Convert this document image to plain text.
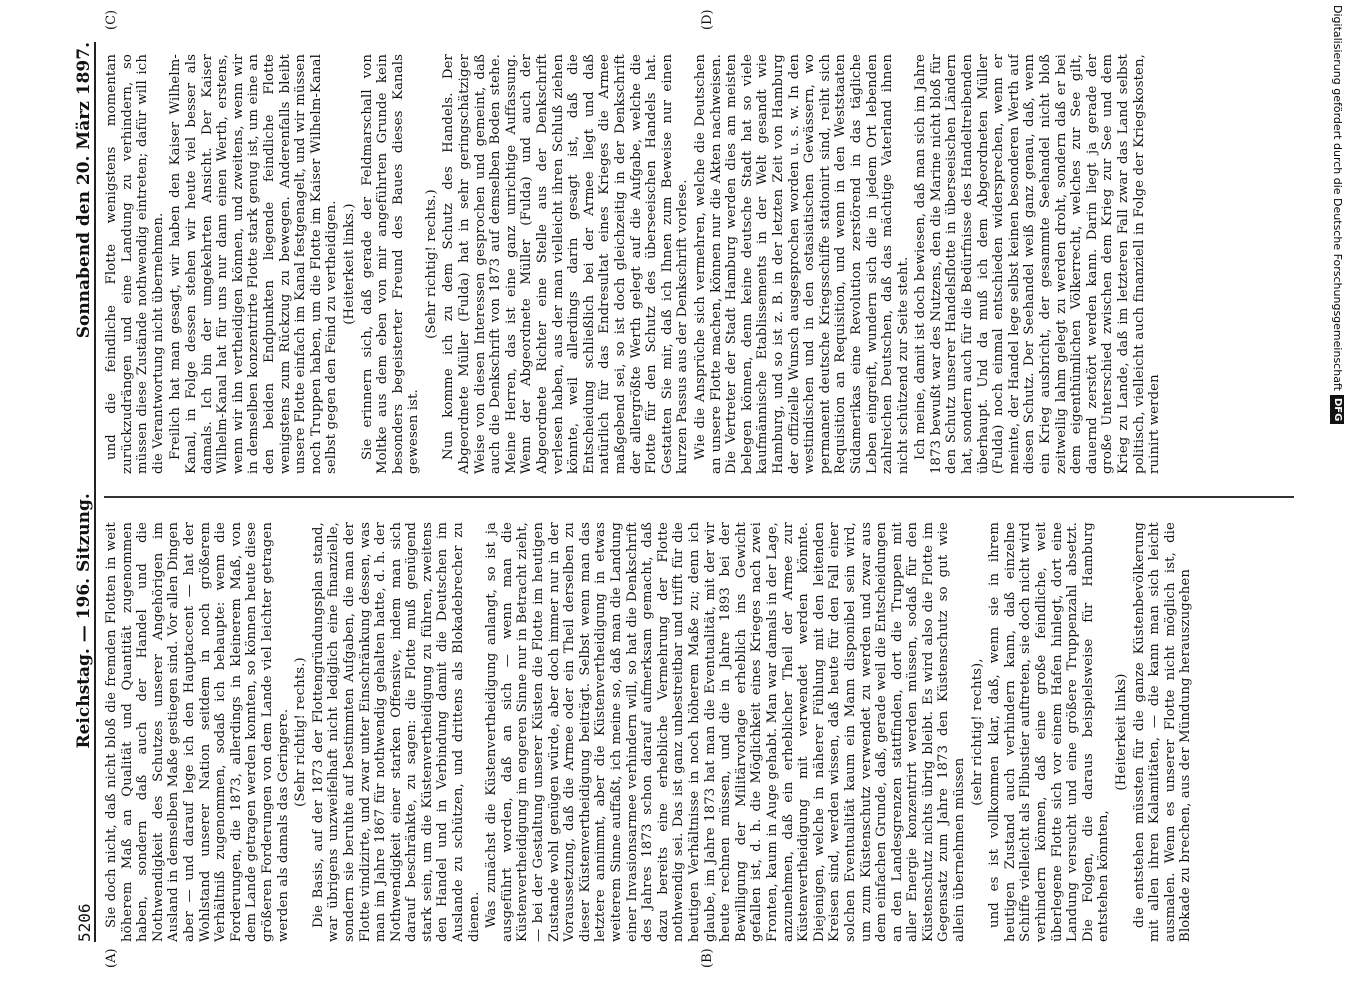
5206
Reichstag. — 196. Sitzung.
Sonnabend den 20. März 1897.

Sie doch nicht, daß nicht bloß die fremden Flotten in weit höherem Maß an Qualität und Quantität zugenommen haben, sondern daß auch der Handel und die Nothwendigkeit des Schutzes unserer Angehörigen im Ausland in demselben Maße gestiegen sind. Vor allen Dingen aber — und darauf lege ich den Hauptaccent — hat der Wohlstand unserer Nation seitdem in noch größerem Verhältniß zugenommen, sodaß ich behaupte: wenn die Forderungen, die 1873, allerdings in kleinerem Maß, von dem Lande getragen werden konnten, so können heute diese größeren Forderungen von dem Lande viel leichter getragen werden als damals das Geringere. (Sehr richtig! rechts.) Die Basis, auf der 1873 der Flottengründungsplan stand, war übrigens unzweifelhaft nicht lediglich eine finanzielle, sondern sie beruhte auf bestimmten Aufgaben, die man der Flotte vindizirte, und zwar unter Einschränkung dessen, was man im Jahre 1867 für nothwendig gehalten hatte, d. h. der Nothwendigkeit einer starken Offensive, indem man sich darauf beschränkte, zu sagen: die Flotte muß genügend stark sein, um die Küstenvertheidigung zu führen, zweitens den Handel und in Verbindung damit die Deutschen im Auslande zu schützen, und drittens als Blokadebrecher zu dienen. Was zunächst die Küstenvertheidigung anlangt, so ist ja ausgeführt worden, daß an sich — wenn man die Küstenvertheidigung im engeren Sinne nur in Betracht zieht, — bei der Gestaltung unserer Küsten die Flotte im heutigen Zustande wohl genügen würde, aber doch immer nur in der Voraussetzung, daß die Armee oder ein Theil derselben zu dieser Küstenvertheidigung beiträgt. Selbst wenn man das letztere annimmt, aber die Küstenvertheidigung in etwas weiterem Sinne auffaßt, ich meine so, daß man die Landung einer Invasionsarmee verhindern will, so hat die Denkschrift des Jahres 1873 schon darauf aufmerksam gemacht, daß dazu bereits eine erhebliche Vermehrung der Flotte nothwendig sei. Das ist ganz unbestreitbar und trifft für die heutigen Verhältnisse in noch höherem Maße zu; denn ich glaube, im Jahre 1873 hat man die Eventualität, mit der wir heute rechnen müssen, und die in Jahre 1893 bei der Bewilligung der Militärvorlage erheblich ins Gewicht gefallen ist, d. h. die Möglichkeit eines Krieges nach zwei Fronten, kaum in Auge gehabt. Man war damals in der Lage, anzunehmen, daß ein erheblicher Theil der Armee zur Küstenvertheidigung mit verwendet werden könnte. Diejenigen, welche in näherer Fühlung mit den leitenden Kreisen sind, werden wissen, daß heute für den Fall einer solchen Eventualität kaum ein Mann disponibel sein wird, um zum Küstenschutz verwendet zu werden und zwar aus dem einfachen Grunde, daß, gerade weil die Entscheidungen an den Landesgrenzen stattfinden, dort die Truppen mit aller Energie konzentrirt werden müssen, sodaß für den Küstenschutz nichts übrig bleibt. Es wird also die Flotte im Gegensatz zum Jahre 1873 den Küstenschutz so gut wie allein übernehmen müssen

(sehr richtig! rechts), und es ist vollkommen klar, daß, wenn sie in ihrem heutigen Zustand auch verhindern kann, daß einzelne Schiffe vielleicht als Flibustier auftreten, sie doch nicht wird verhindern können, daß eine große feindliche, weit überlegene Flotte sich vor einem Hafen hinlegt, dort eine Landung versucht und eine größere Truppenzahl absetzt. Die Folgen, die daraus beispielsweise für Hamburg entstehen könnten,

(Heiterkeit links) die entstehen müssten für die ganze Küstenbevölkerung mit allen ihren Kalamitäten, — die kann man sich leicht ausmalen. Wenn es unserer Flotte nicht möglich ist, die Blokade zu brechen, aus der Mündung herauszugehen

und die feindliche Flotte wenigstens momentan zurückzudrängen und eine Landung zu verhindern, so müssen diese Zustände nothwendig eintreten; dafür will ich die Verantwortung nicht übernehmen. Freilich hat man gesagt, wir haben den Kaiser Wilhelm-Kanal, in Folge dessen stehen wir heute viel besser als damals. Ich bin der umgekehrten Ansicht. Der Kaiser Wilhelm-Kanal hat für uns nur dann einen Werth, erstens, wenn wir ihn vertheidigen können, und zweitens, wenn wir in demselben konzentrirte Flotte stark genug ist, um eine an den beiden Endpunkten liegende feindliche Flotte wenigstens zum Rückzug zu bewegen. Anderenfalls bleibt unsere Flotte einfach im Kanal festgenagelt, und wir müssen noch Truppen haben, um die Flotte im Kaiser Wilhelm-Kanal selbst gegen den Feind zu vertheidigen. (Heiterkeit links.) Sie erinnern sich, daß gerade der Feldmarschall von Moltke aus dem eben von mir angeführten Grunde kein besonders begeisterter Freund des Baues dieses Kanals gewesen ist.

(Sehr richtig! rechts.) Nun komme ich zu dem Schutz des Handels. Der Abgeordnete Müller (Fulda) hat in sehr geringschätziger Weise von diesen Interessen gesprochen und gemeint, daß auch die Denkschrift von 1873 auf demselben Boden stehe. Meine Herren, das ist eine ganz unrichtige Auffassung. Wenn der Abgeordnete Müller (Fulda) und auch der Abgeordnete Richter eine Stelle aus der Denkschrift verlesen haben, aus der man vielleicht ihren Schluß ziehen könnte, weil allerdings darin gesagt ist, daß die Entscheidung schließlich bei der Armee liegt und daß natürlich für das Endresultat eines Krieges die Armee maßgebend sei, so ist doch gleichzeitig in der Denkschrift der allergrößte Werth gelegt auf die Aufgabe, welche die Flotte für den Schutz des überseeischen Handels hat. Gestatten Sie mir, daß ich Ihnen zum Beweise nur einen kurzen Passus aus der Denkschrift vorlese. Wie die Ansprüche sich vermehren, welche die Deutschen an unsere Flotte machen, können nur die Akten nachweisen. Die Vertreter der Stadt Hamburg werden dies am meisten belegen können, denn keine deutsche Stadt hat so viele kaufmännische Etablissements in der Welt gesandt wie Hamburg, und so ist z. B. in der letzten Zeit von Hamburg der offizielle Wunsch ausgesprochen worden u. s. w. In den westindischen und in den ostasiatischen Gewässern, wo permanent deutsche Kriegsschiffe stationirt sind, reiht sich Requisition an Requisition, und wenn in den Weststaaten Südamerikas eine Revolution zerstörend in das tägliche Leben eingreift, wundern sich die in jedem Ort lebenden zahlreichen Deutschen, daß das mächtige Vaterland ihnen nicht schützend zur Seite steht. Ich meine, damit ist doch bewiesen, daß man sich im Jahre 1873 bewußt war des Nutzens, den die Marine nicht bloß für den Schutz unserer Handelsflotte in überseeischen Ländern hat, sondern auch für die Bedürfnisse des Handeltreibenden überhaupt. Und da muß ich dem Abgeordneten Müller (Fulda) noch einmal entschieden widersprechen, wenn er meinte, der Handel lege selbst keinen besonderen Werth auf diesen Schutz. Der Seehandel weiß ganz genau, daß, wenn ein Krieg ausbricht, der gesammte Seehandel nicht bloß zeitweilig lahm gelegt zu werden droht, sondern daß er bei dem eigenthümlichen Völkerrecht, welches zur See gilt, dauernd zerstört werden kann. Darin liegt ja gerade der große Unterschied zwischen dem Krieg zur See und dem Krieg zu Lande, daß im letzteren Fall zwar das Land selbst politisch, vielleicht auch finanziell in Folge der Kriegskosten, ruinirt werden

(A)	(B)
(C)	(D)	Digitalisierung gefördert durch die Deutsche ForschungsgemeinschaftDFG
